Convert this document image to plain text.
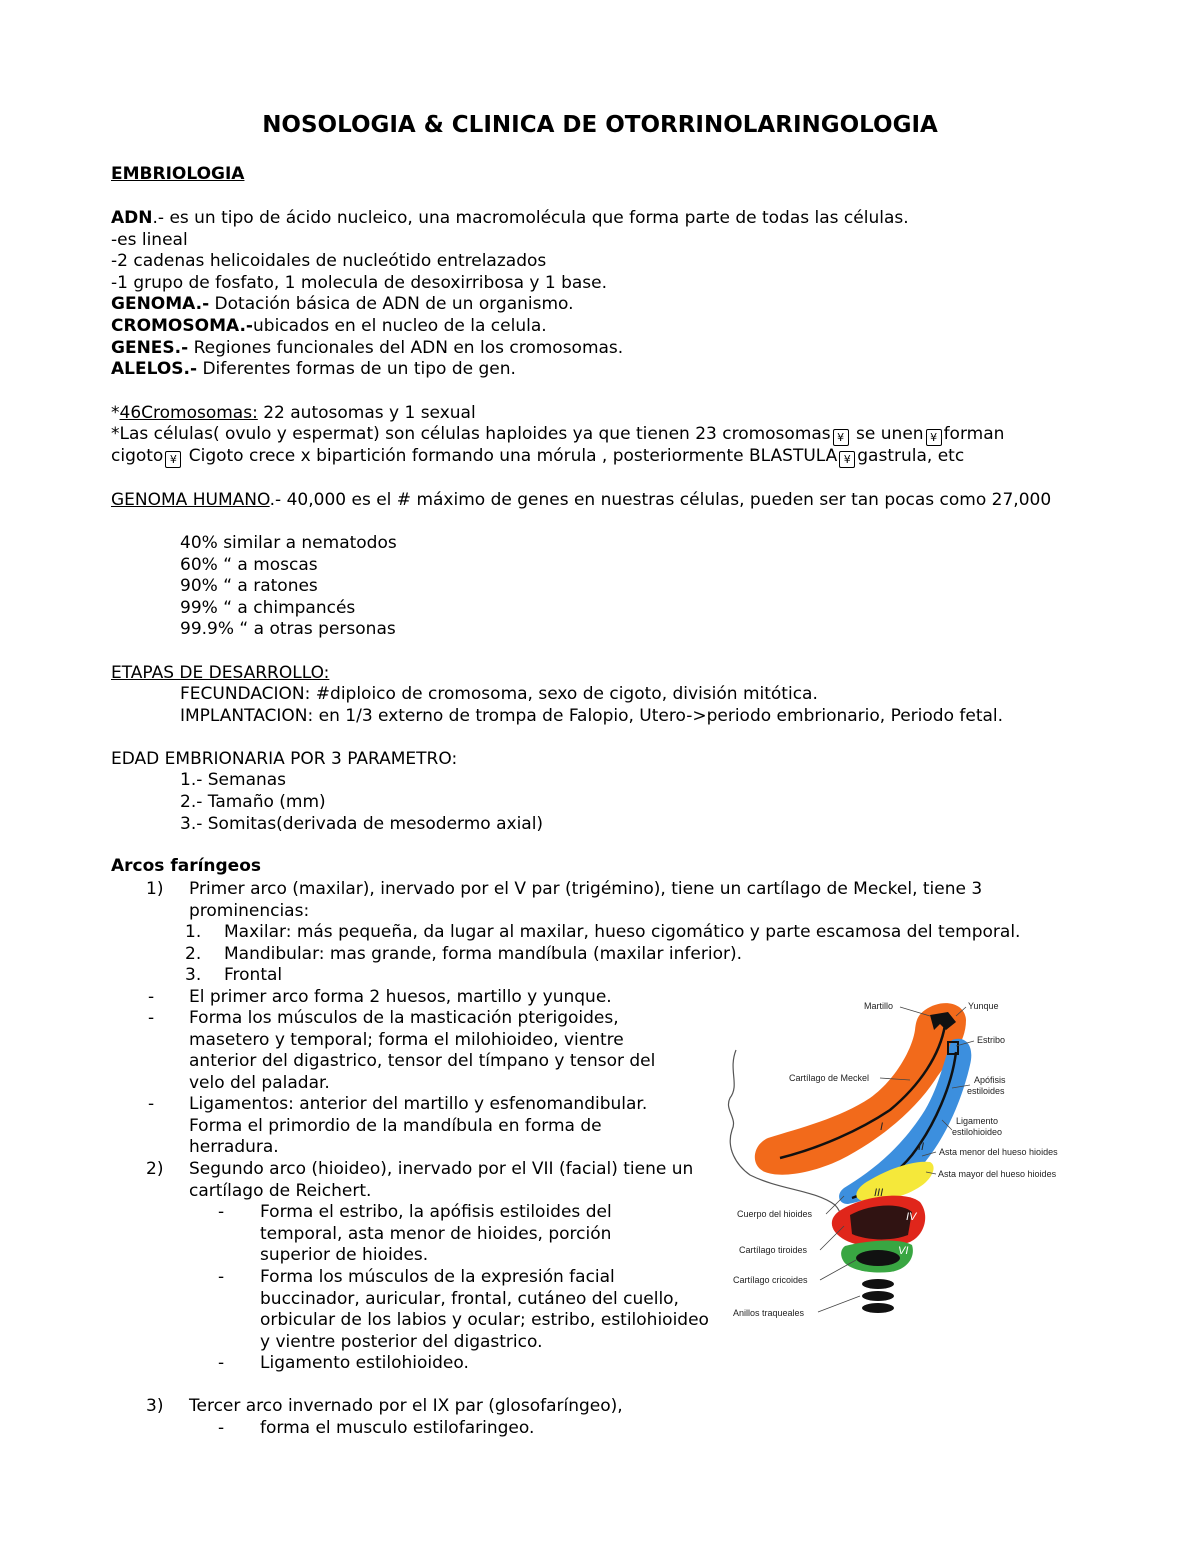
NOSOLOGIA & CLINICA DE OTORRINOLARINGOLOGIA
EMBRIOLOGIA
ADN.- es un tipo de ácido nucleico, una macromolécula que forma parte de todas las células.
-es lineal
-2 cadenas helicoidales de nucleótido entrelazados
-1 grupo de fosfato, 1 molecula de desoxirribosa y 1 base.
GENOMA.- Dotación básica de ADN de un organismo.
CROMOSOMA.-ubicados en el nucleo de la celula.
GENES.- Regiones funcionales del ADN en los cromosomas.
ALELOS.- Diferentes formas de un tipo de gen.
*46Cromosomas: 22 autosomas y 1 sexual
*Las células( ovulo y espermat) son células haploides ya que tienen 23 cromosomas ¥ se unen ¥ forman
cigoto ¥ Cigoto crece x bipartición formando una mórula , posteriormente BLASTULA ¥ gastrula, etc
GENOMA HUMANO.- 40,000 es el # máximo de genes en nuestras células, pueden ser tan pocas como 27,000
40% similar a nematodos
60% “ a moscas
90% “ a ratones
99% “ a chimpancés
99.9% “ a otras personas
ETAPAS DE DESARROLLO:
FECUNDACION: #diploico de cromosoma, sexo de cigoto, división mitótica.
IMPLANTACION: en 1/3 externo de trompa de Falopio, Utero->periodo embrionario, Periodo fetal.
EDAD EMBRIONARIA POR 3 PARAMETRO:
1.- Semanas
2.- Tamaño (mm)
3.- Somitas(derivada de mesodermo axial)
Arcos faríngeos
1) Primer arco (maxilar), inervado por el V par (trigémino), tiene un cartílago de Meckel, tiene 3 prominencias:
1. Maxilar: más pequeña, da lugar al maxilar, hueso cigomático y parte escamosa del temporal.
2. Mandibular: mas grande, forma mandíbula (maxilar inferior).
3. Frontal
- El primer arco forma 2 huesos, martillo y yunque.
- Forma los músculos de la masticación pterigoides, masetero y temporal; forma el milohioideo, vientre anterior del digastrico, tensor del tímpano y tensor del velo del paladar.
- Ligamentos: anterior del martillo y esfenomandibular. Forma el primordio de la mandíbula en forma de herradura.
2) Segundo arco (hioideo), inervado por el VII (facial) tiene un cartílago de Reichert.
- Forma el estribo, la apófisis estiloides del temporal, asta menor de hioides, porción superior de hioides.
- Forma los músculos de la expresión facial buccinador, auricular, frontal, cutáneo del cuello, orbicular de los labios y ocular; estribo, estilohioideo y vientre posterior del digastrico.
- Ligamento estilohioideo.
3) Tercer arco invernado por el IX par (glosofaríngeo),
- forma el musculo estilofaringeo.
I
II
III
IV
VI
Martillo	Yunque
Estribo
Cartílago de Meckel	Apófisis
estiloides
Ligamento
estilohioideo
Asta menor del hueso hioides
Asta mayor del hueso hioides
Cuerpo del hioides
Cartílago tiroides
Cartílago cricoides
Anillos traqueales
